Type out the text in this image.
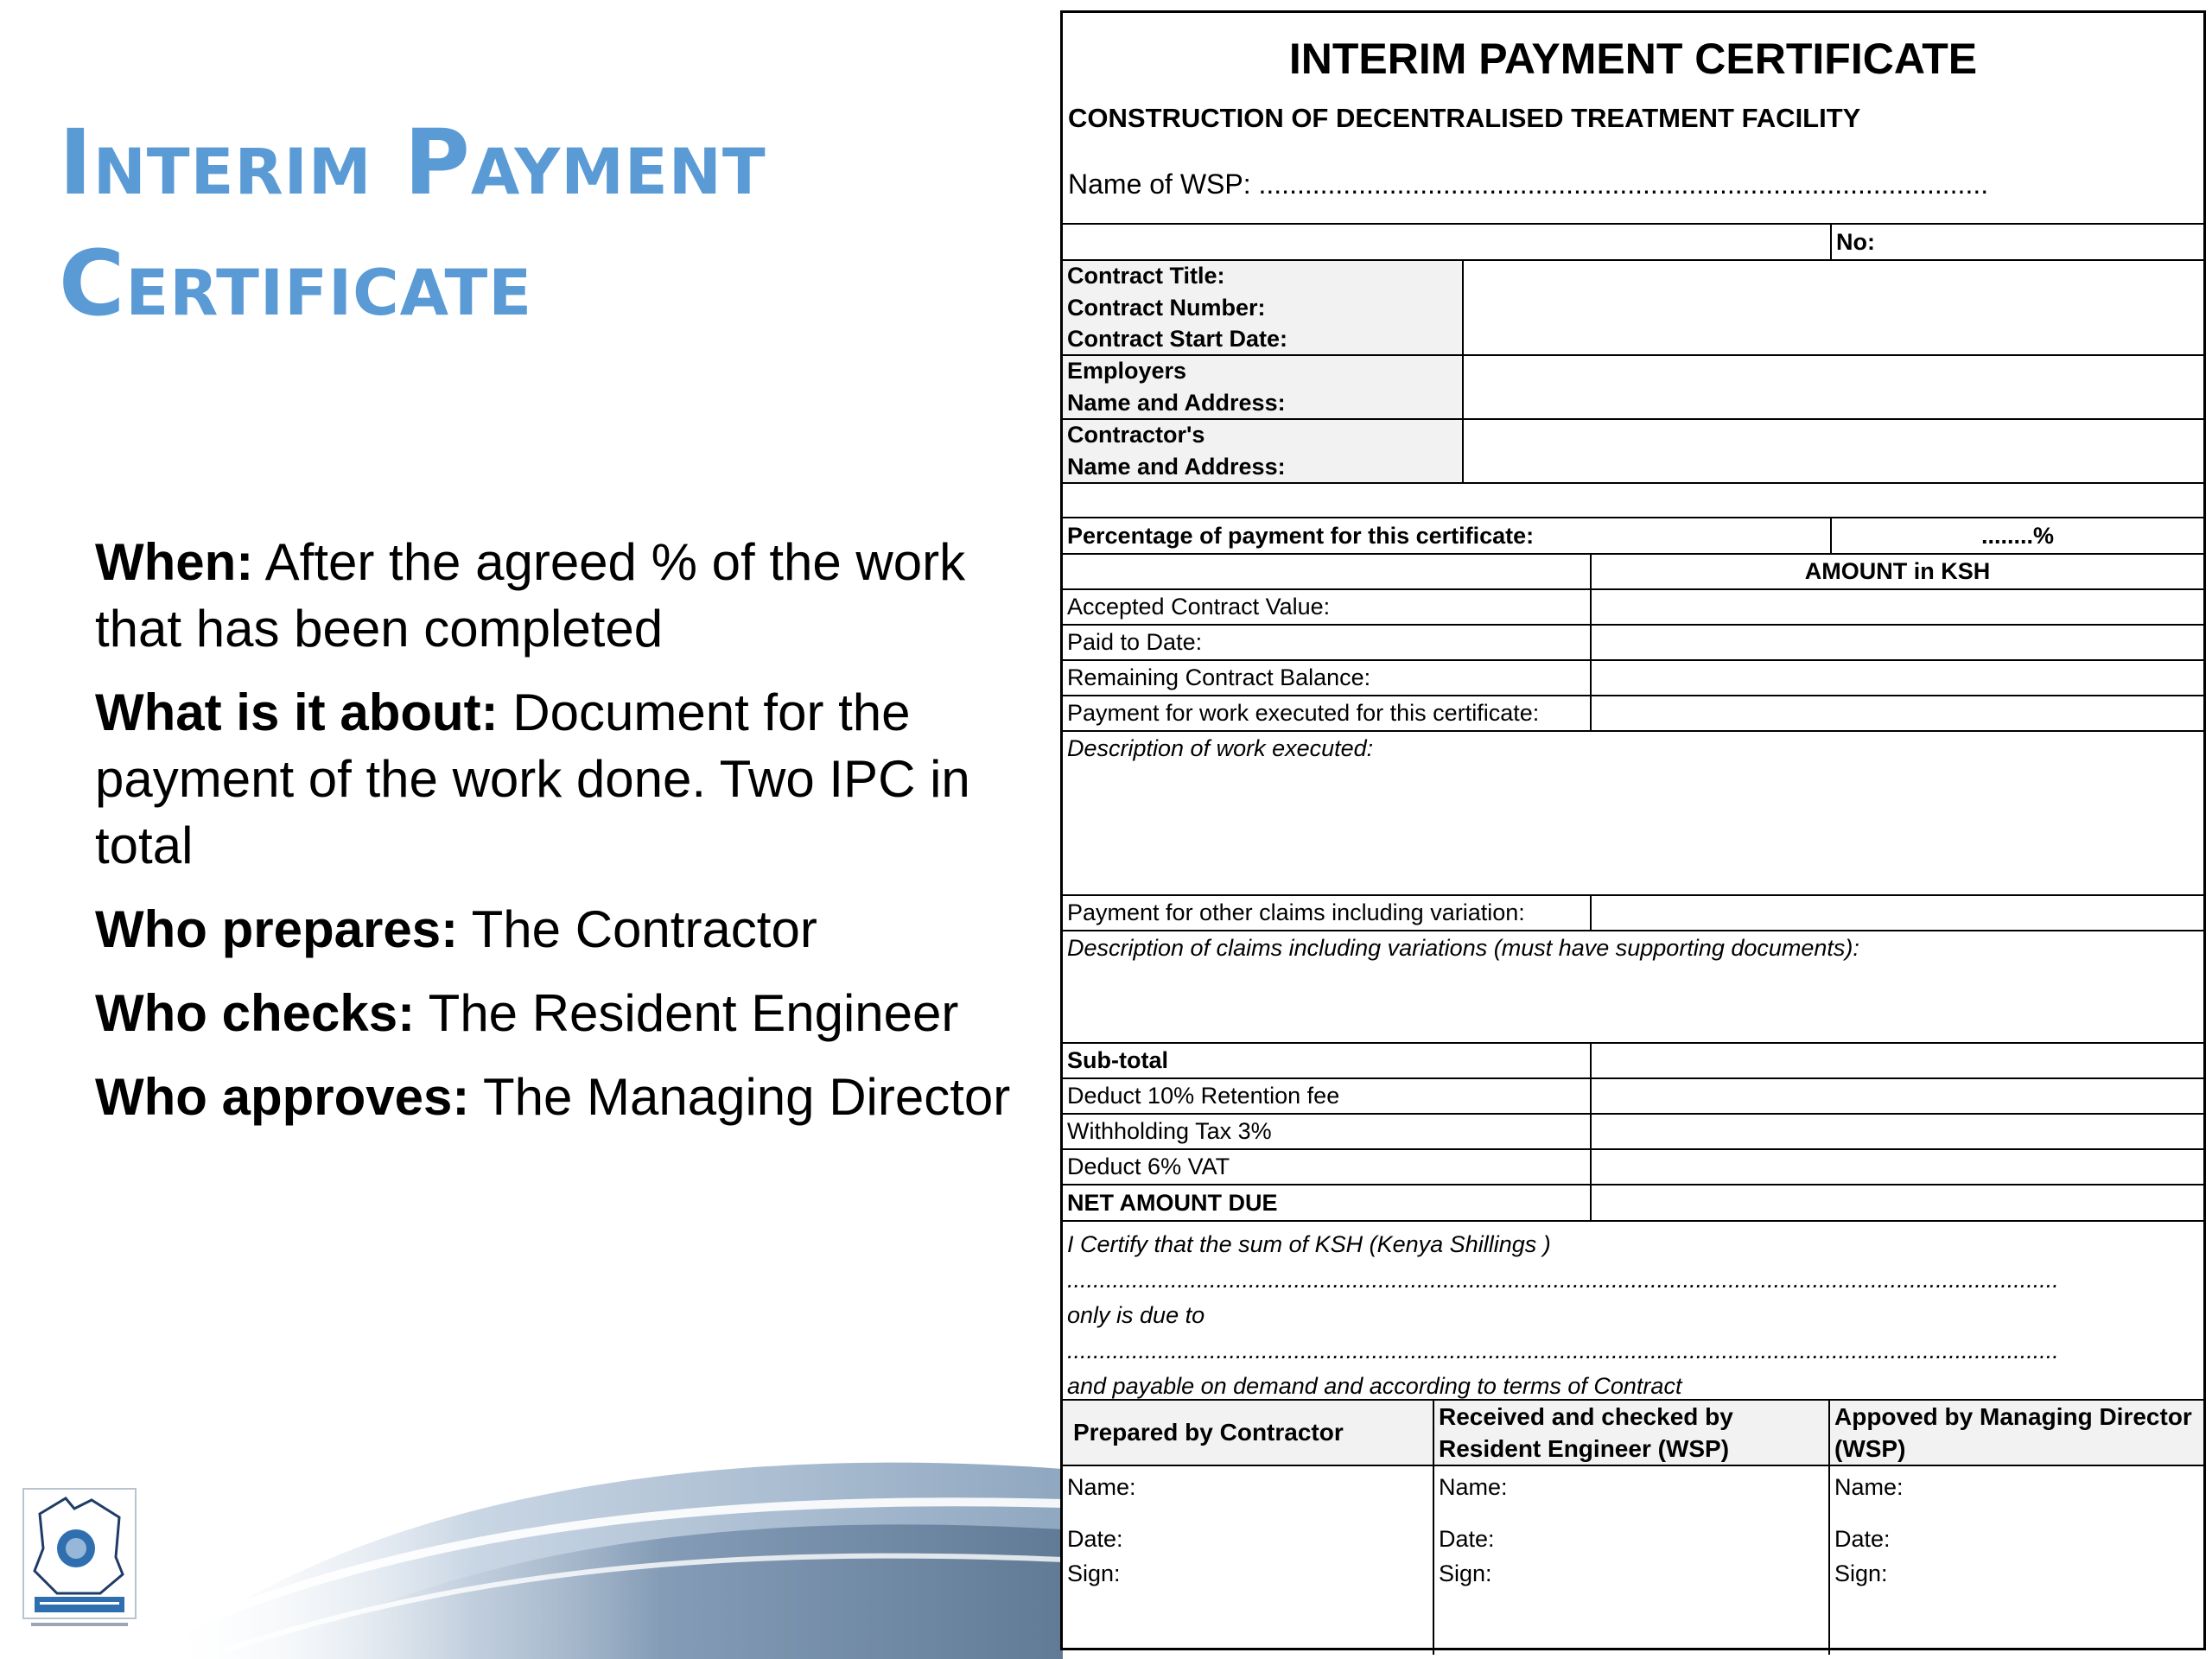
Interim Payment
Certificate
When: After the agreed % of the work that has been completed
What is it about: Document for the payment of the work done. Two IPC in total
Who prepares: The Contractor
Who checks: The Resident Engineer
Who approves: The Managing Director
INTERIM PAYMENT CERTIFICATE
CONSTRUCTION OF DECENTRALISED TREATMENT FACILITY
Name of WSP: ...............................................................................................
No:
Contract Title:
Contract Number:
Contract Start Date:
Employers
Name and Address:
Contractor's
Name and Address:
Percentage of payment for this certificate:	........%
AMOUNT in KSH
Accepted Contract Value:
Paid to Date:
Remaining Contract Balance:
Payment for work executed for this certificate:
Description of work executed:
Payment for other claims including variation:
Description of claims including variations (must have supporting documents):
Sub-total
Deduct 10% Retention fee
Withholding Tax 3%
Deduct 6% VAT
NET AMOUNT DUE
I Certify that the sum of KSH (Kenya Shillings )
.........................................................................................................................................................
only is due to
.........................................................................................................................................................
and payable on demand and according to terms of Contract
Prepared by Contractor
Received and checked by Resident Engineer (WSP)
Appoved by Managing Director (WSP)
Name:
Date:
Sign:
Name:
Date:
Sign:
Name:
Date:
Sign:
